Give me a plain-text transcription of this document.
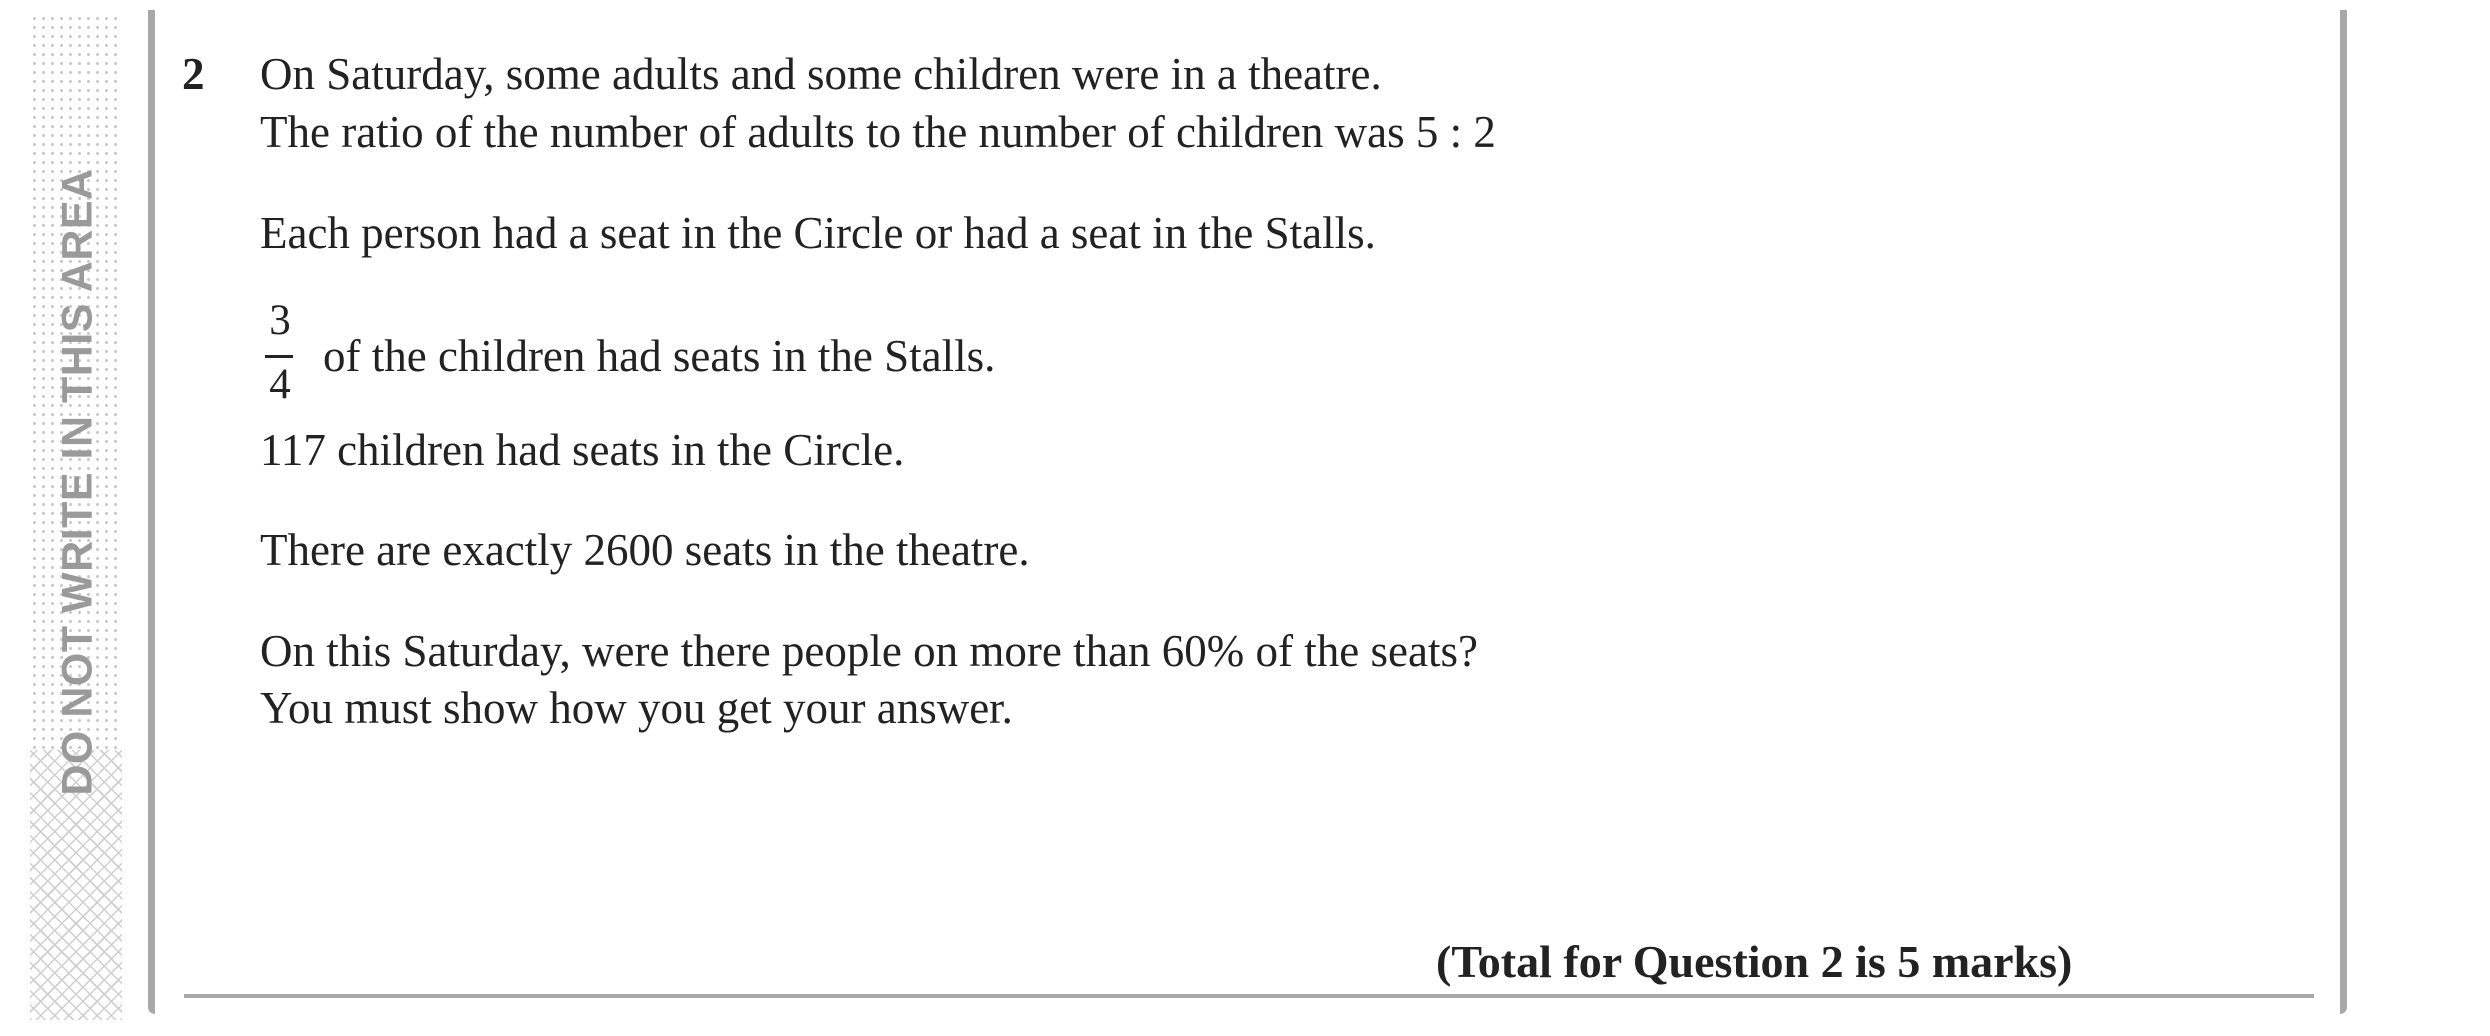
DO NOT WRITE IN THIS AREA
2 On Saturday, some adults and some children were in a theatre.
The ratio of the number of adults to the number of children was 5 : 2
Each person had a seat in the Circle or had a seat in the Stalls.
3
4
of the children had seats in the Stalls.
117 children had seats in the Circle.
There are exactly 2600 seats in the theatre.
On this Saturday, were there people on more than 60% of the seats?
You must show how you get your answer.
(Total for Question 2 is 5 marks)
